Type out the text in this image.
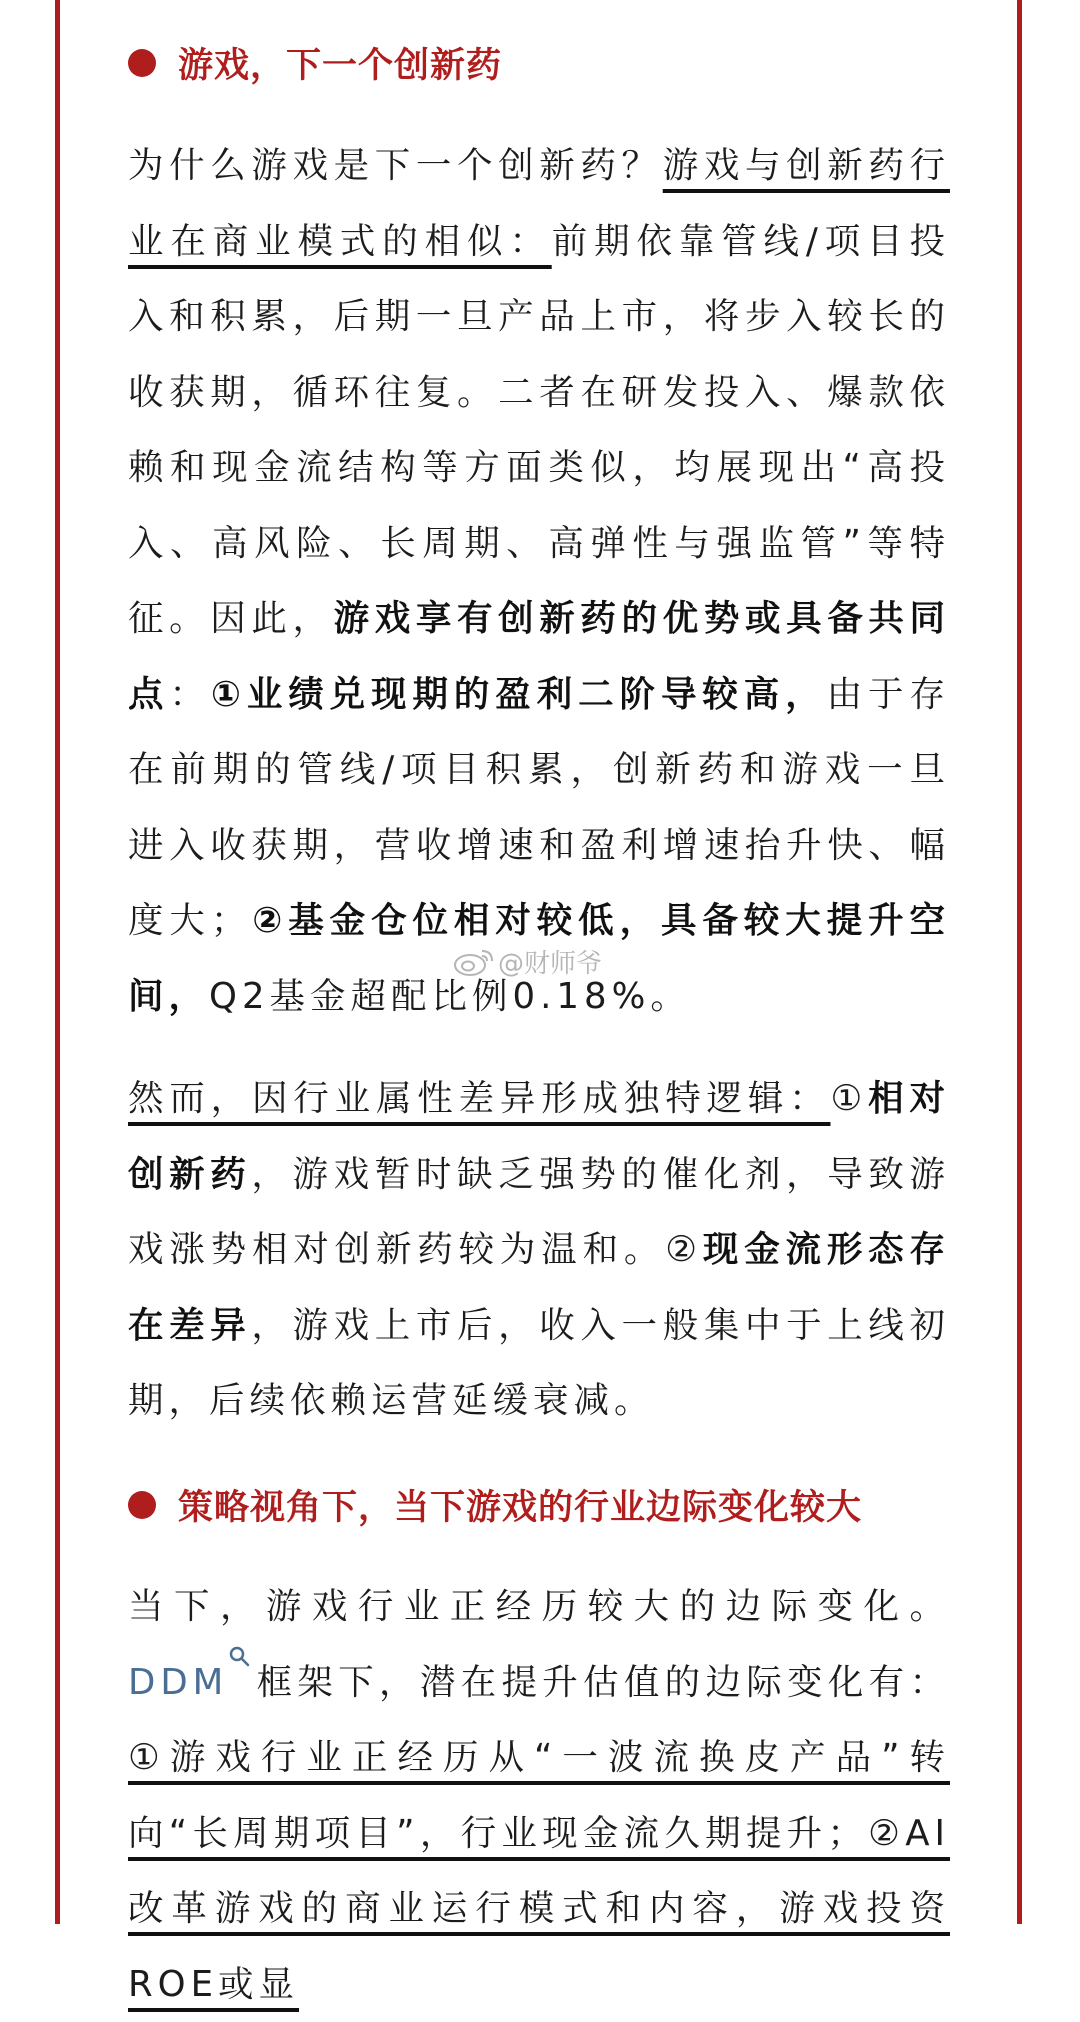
游戏，下一个创新药
为什么游戏是下一个创新药？游戏与创新药行业在商业模式的相似：前期依靠管线/项目投入和积累，后期一旦产品上市，将步入较长的收获期，循环往复。二者在研发投入、爆款依赖和现金流结构等方面类似，均展现出“高投入、高风险、长周期、高弹性与强监管”等特征。因此，游戏享有创新药的优势或具备共同点：①业绩兑现期的盈利二阶导较高，由于存在前期的管线/项目积累，创新药和游戏一旦进入收获期，营收增速和盈利增速抬升快、幅度大；②基金仓位相对较低，具备较大提升空间，Q2基金超配比例0.18%。
然而，因行业属性差异形成独特逻辑：①相对创新药，游戏暂时缺乏强势的催化剂，导致游戏涨势相对创新药较为温和。②现金流形态存在差异，游戏上市后，收入一般集中于上线初期，后续依赖运营延缓衰减。
策略视角下，当下游戏的行业边际变化较大
当下，游戏行业正经历较大的边际变化。DDM 框架下，潜在提升估值的边际变化有：①游戏行业正经历从“一波流换皮产品”转向“长周期项目”，行业现金流久期提升；②AI改革游戏的商业运行模式和内容，游戏投资ROE或显
@财师爷
